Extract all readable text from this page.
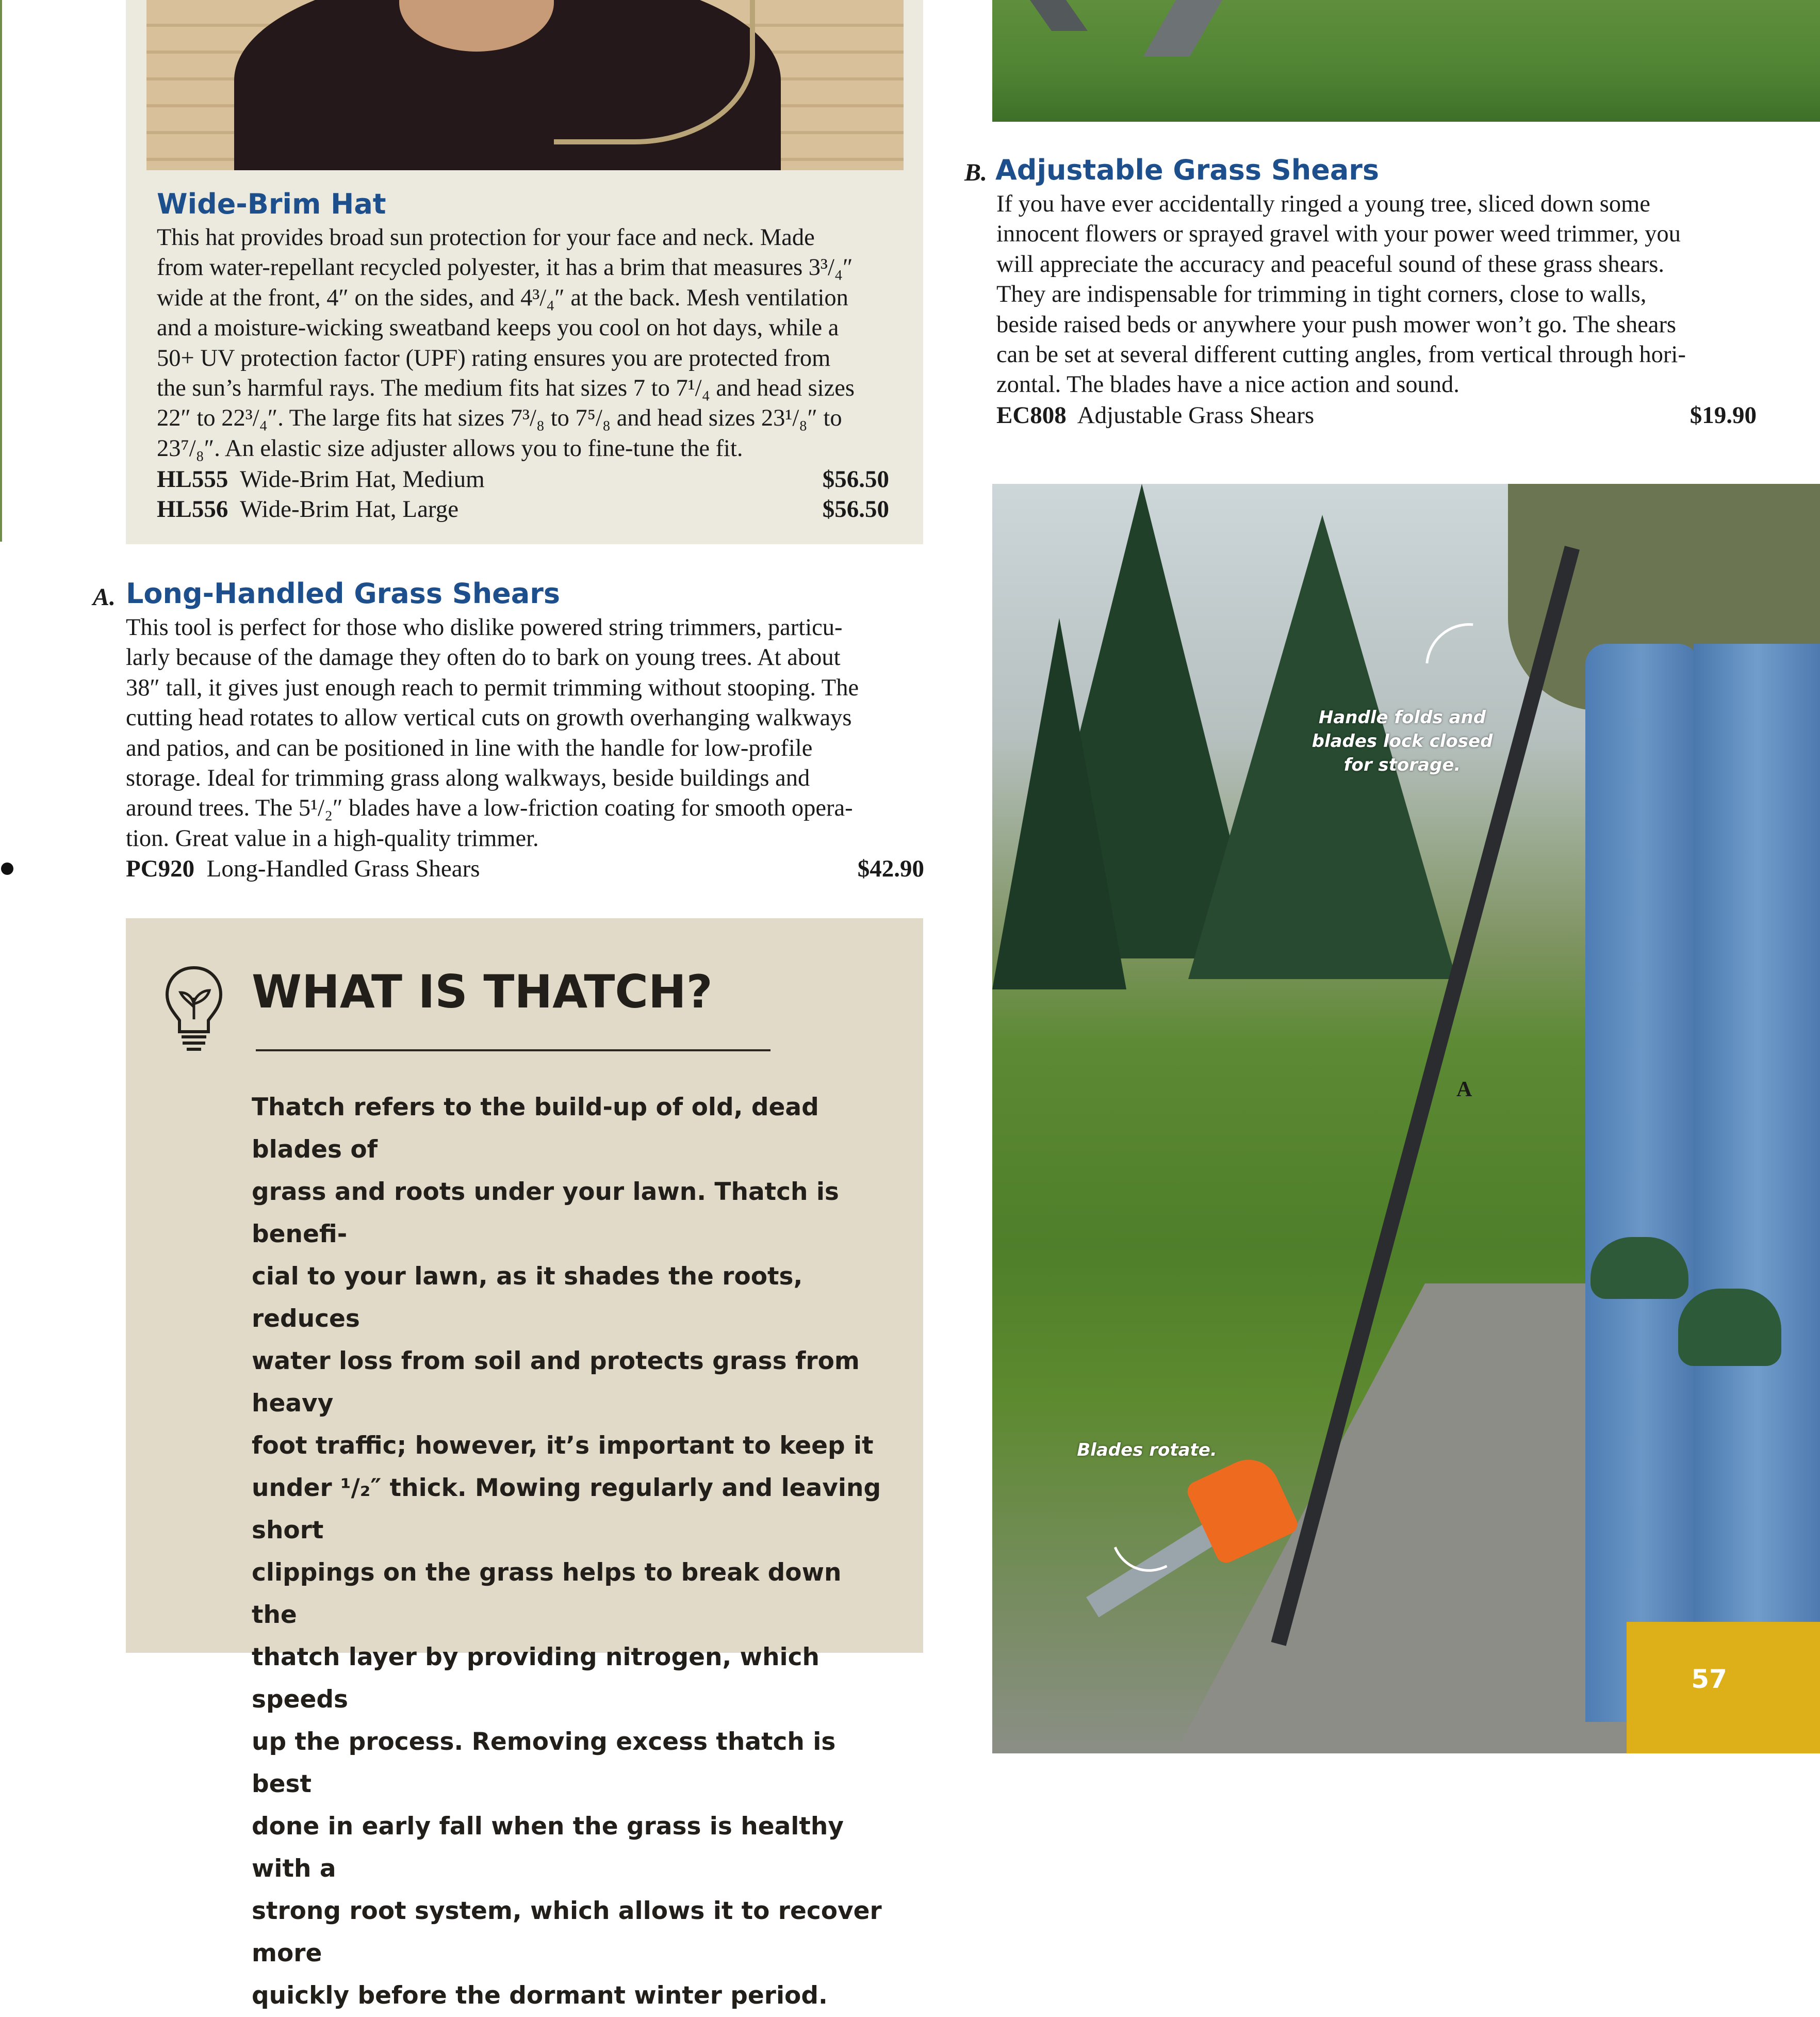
Wide-Brim Hat

This hat provides broad sun protection for your face and neck. Made

from water-repellant recycled polyester, it has a brim that measures 3³/₄″

wide at the front, 4″ on the sides, and 4³/₄″ at the back. Mesh ventilation

and a moisture-wicking sweatband keeps you cool on hot days, while a

50+ UV protection factor (UPF) rating ensures you are protected from

the sun’s harmful rays. The medium fits hat sizes 7 to 7¹/₄ and head sizes

22″ to 22³/₄″. The large fits hat sizes 7³/₈ to 7⁵/₈ and head sizes 23¹/₈″ to

23⁷/₈″. An elastic size adjuster allows you to fine-tune the fit.

HL555 Wide-Brim Hat, Medium	$56.50
HL556 Wide-Brim Hat, Large	$56.50
A. Long-Handled Grass Shears

This tool is perfect for those who dislike powered string trimmers, particu-

larly because of the damage they often do to bark on young trees. At about

38″ tall, it gives just enough reach to permit trimming without stooping. The

cutting head rotates to allow vertical cuts on growth overhanging walkways

and patios, and can be positioned in line with the handle for low-profile

storage. Ideal for trimming grass along walkways, beside buildings and

around trees. The 5¹/₂″ blades have a low-friction coating for smooth opera-

tion. Great value in a high-quality trimmer.

PC920 Long-Handled Grass Shears	$42.90
WHAT IS THATCH?
Thatch refers to the build-up of old, dead blades of
grass and roots under your lawn. Thatch is benefi-
cial to your lawn, as it shades the roots, reduces
water loss from soil and protects grass from heavy
foot traffic; however, it’s important to keep it
under ¹/₂″ thick. Mowing regularly and leaving short
clippings on the grass helps to break down the
thatch layer by providing nitrogen, which speeds
up the process. Removing excess thatch is best
done in early fall when the grass is healthy with a
strong root system, which allows it to recover more
quickly before the dormant winter period.
B. Adjustable Grass Shears

If you have ever accidentally ringed a young tree, sliced down some

innocent flowers or sprayed gravel with your power weed trimmer, you

will appreciate the accuracy and peaceful sound of these grass shears.

They are indispensable for trimming in tight corners, close to walls,

beside raised beds or anywhere your push mower won’t go. The shears

can be set at several different cutting angles, from vertical through hori-

zontal. The blades have a nice action and sound.

EC808 Adjustable Grass Shears	$19.90
Handle folds and
blades lock closed
for storage.
Blades rotate.
A
57
